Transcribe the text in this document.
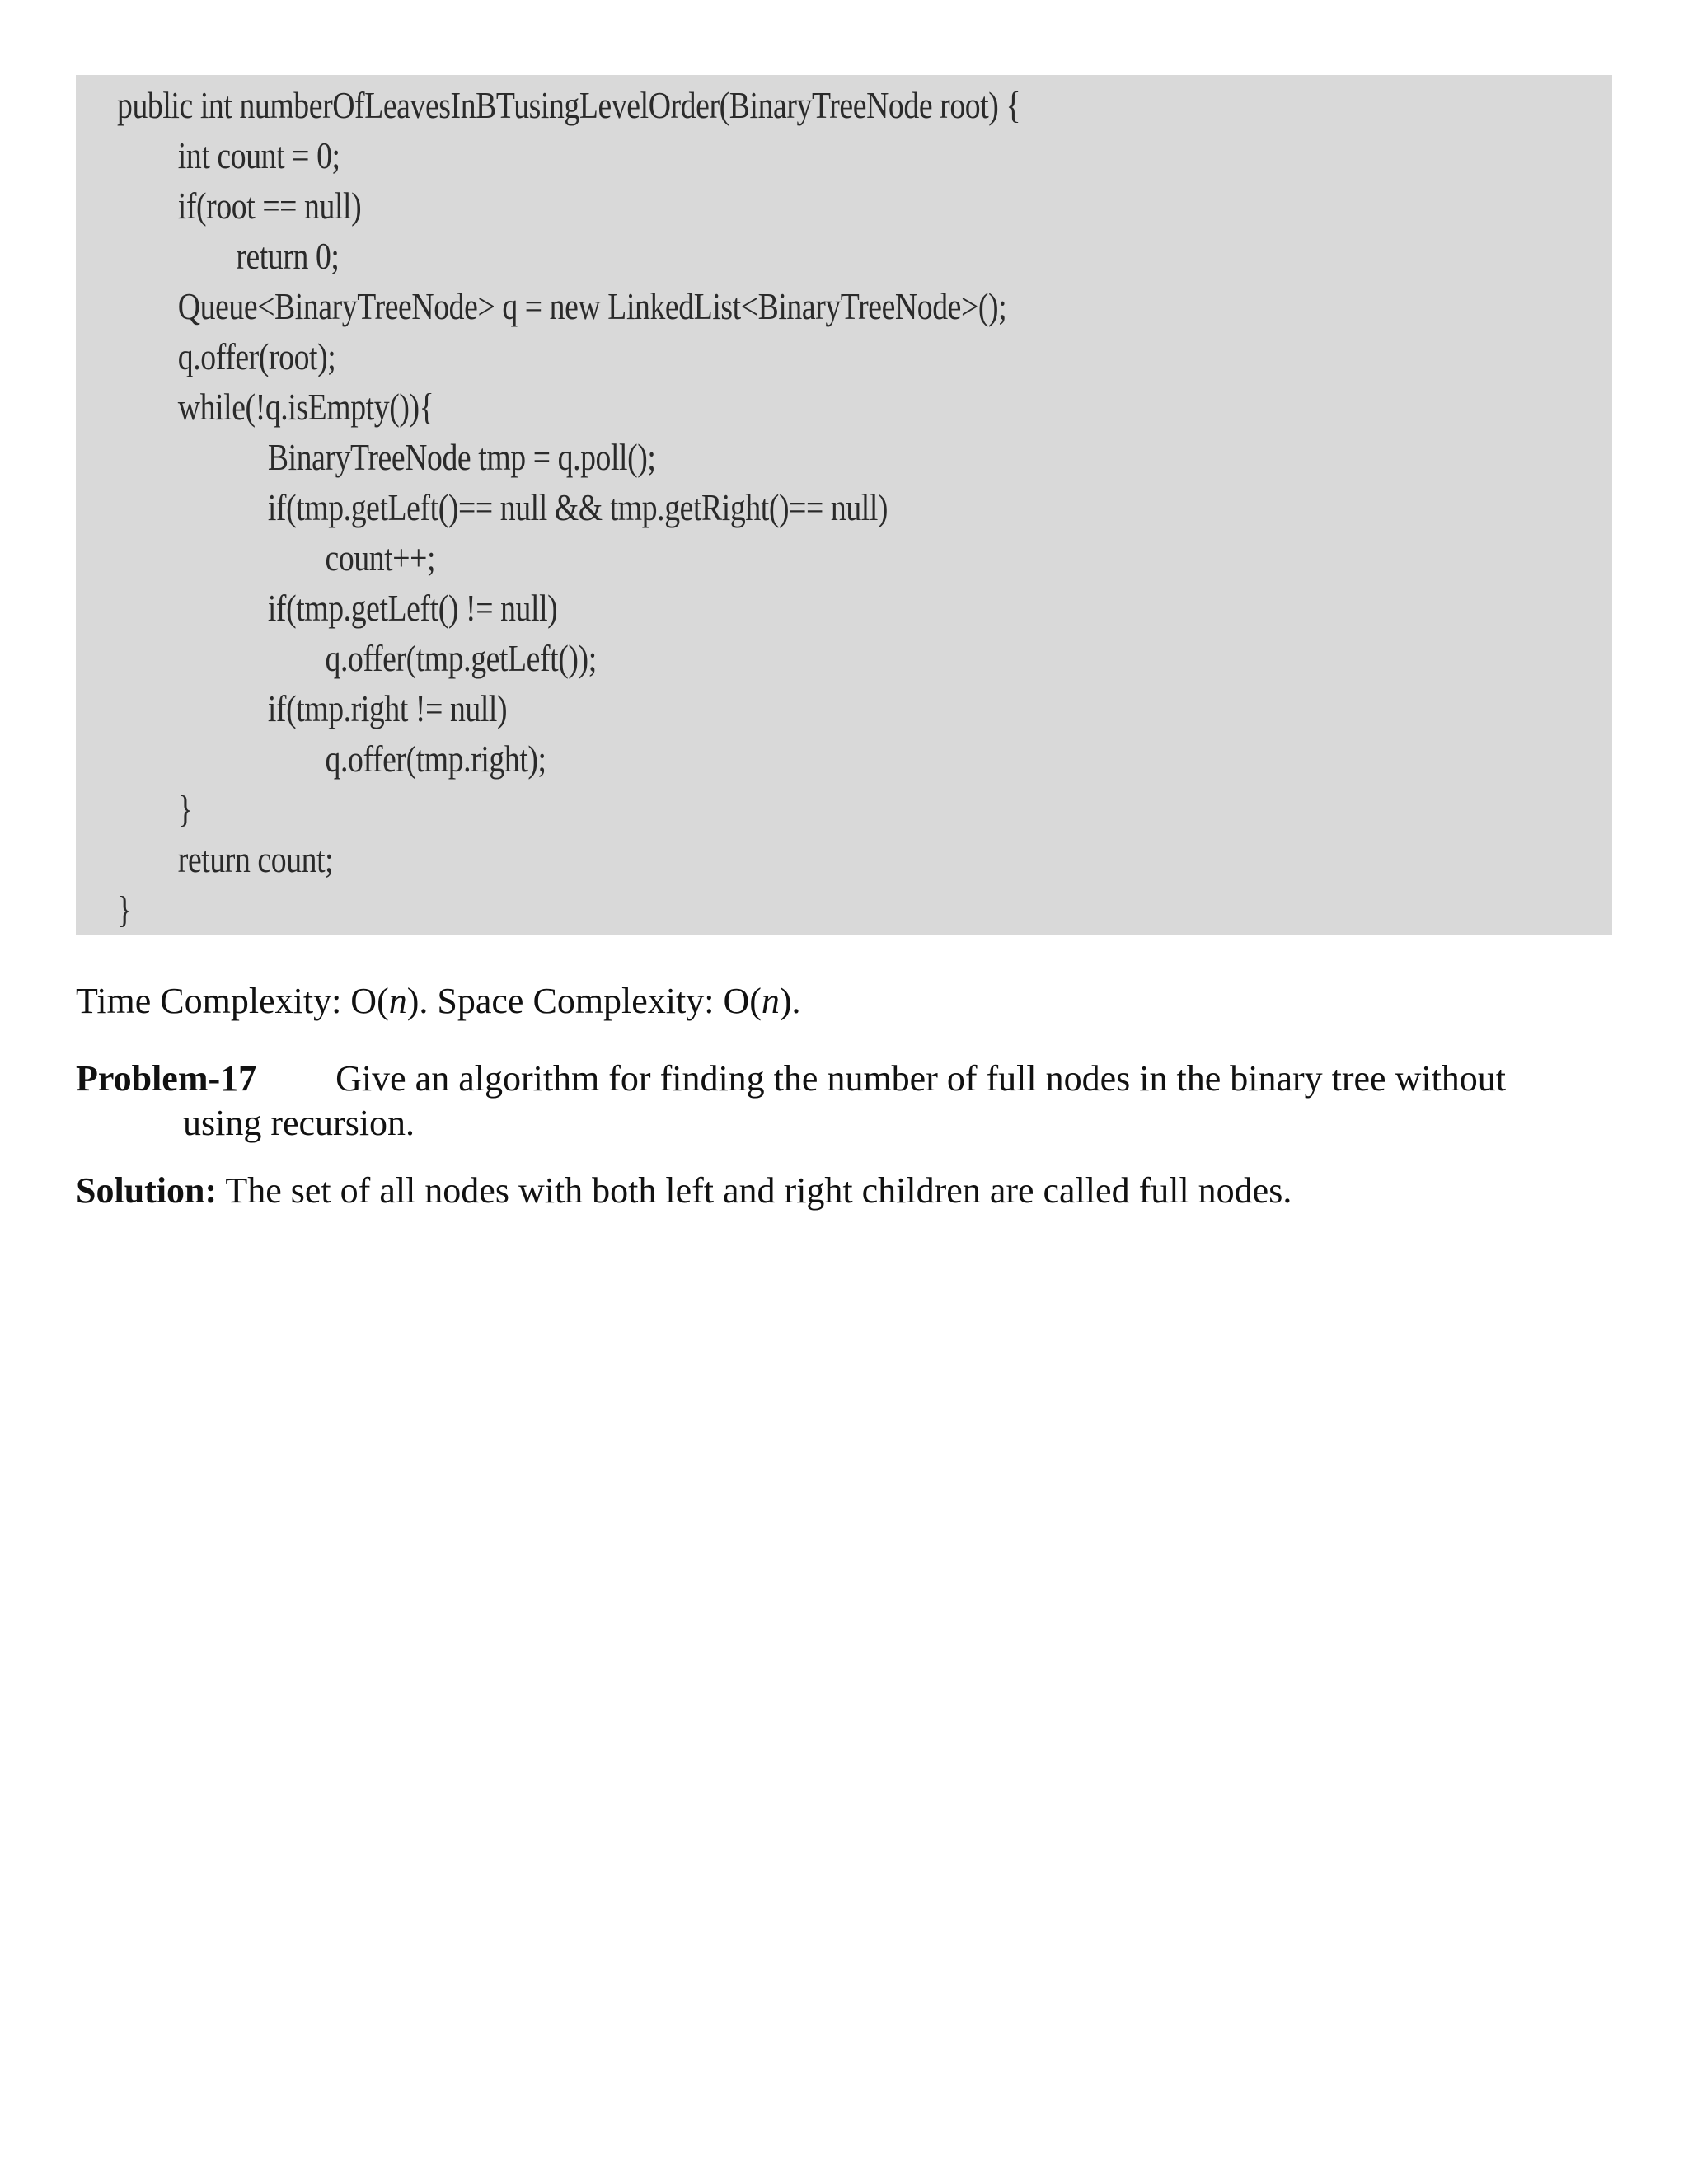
public int numberOfLeavesInBTusingLevelOrder(BinaryTreeNode root) {
int count = 0;
if(root == null)
return 0;
Queue<BinaryTreeNode> q = new LinkedList<BinaryTreeNode>();
q.offer(root);
while(!q.isEmpty()){
BinaryTreeNode tmp = q.poll();
if(tmp.getLeft()== null && tmp.getRight()== null)
count++;
if(tmp.getLeft() != null)
q.offer(tmp.getLeft());
if(tmp.right != null)
q.offer(tmp.right);
}
return count;
}
Time Complexity: O(n). Space Complexity: O(n).
Problem-17 Give an algorithm for finding the number of full nodes in the binary tree without
using recursion.
Solution: The set of all nodes with both left and right children are called full nodes.
